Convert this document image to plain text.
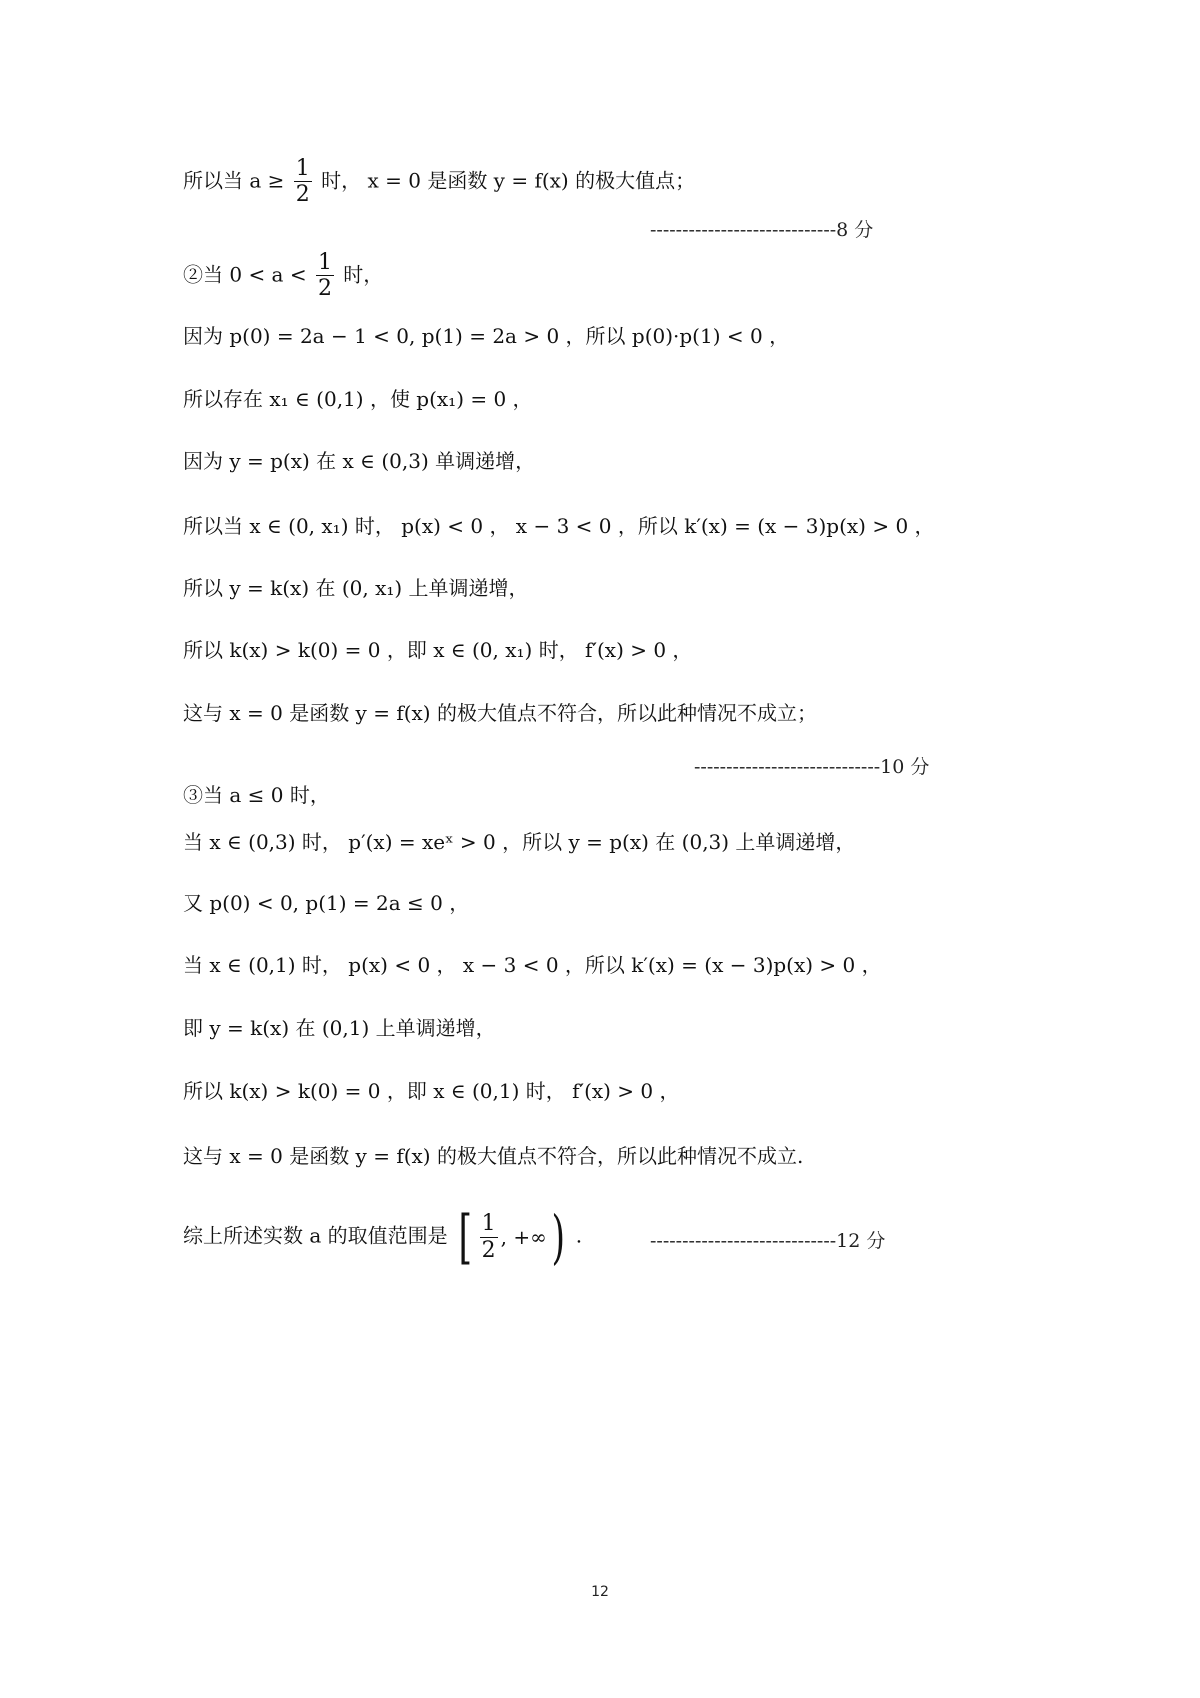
所以当 $a \ge \frac{1}{2}$ 时， x = 0 是函数 y = f(x) 的极大值点；
-----------------------------8 分
②当 $0 < a < \frac{1}{2}$ 时，
因为 p(0) = 2a − 1 < 0, p(1) = 2a > 0 ，所以 p(0)·p(1) < 0 ，
所以存在 x₁ ∈ (0,1) ，使 p(x₁) = 0 ，
因为 y = p(x) 在 x ∈ (0,3) 单调递增，
所以当 x ∈ (0, x₁) 时， p(x) < 0 ， x − 3 < 0 ，所以 k′(x) = (x − 3)p(x) > 0 ，
所以 y = k(x) 在 (0, x₁) 上单调递增，
所以 k(x) > k(0) = 0 ，即 x ∈ (0, x₁) 时， f′(x) > 0 ，
这与 x = 0 是函数 y = f(x) 的极大值点不符合，所以此种情况不成立；
-----------------------------10 分
③当 a ≤ 0 时，
当 x ∈ (0,3) 时， p′(x) = xeˣ > 0 ，所以 y = p(x) 在 (0,3) 上单调递增，
又 p(0) < 0, p(1) = 2a ≤ 0 ，
当 x ∈ (0,1) 时， p(x) < 0 ， x − 3 < 0 ，所以 k′(x) = (x − 3)p(x) > 0 ，
即 y = k(x) 在 (0,1) 上单调递增，
所以 k(x) > k(0) = 0 ，即 x ∈ (0,1) 时， f′(x) > 0 ，
这与 x = 0 是函数 y = f(x) 的极大值点不符合，所以此种情况不成立.
综上所述实数 a 的取值范围是 [ $\frac{1}{2}$ , +∞ ) .	-----------------------------12 分
12
